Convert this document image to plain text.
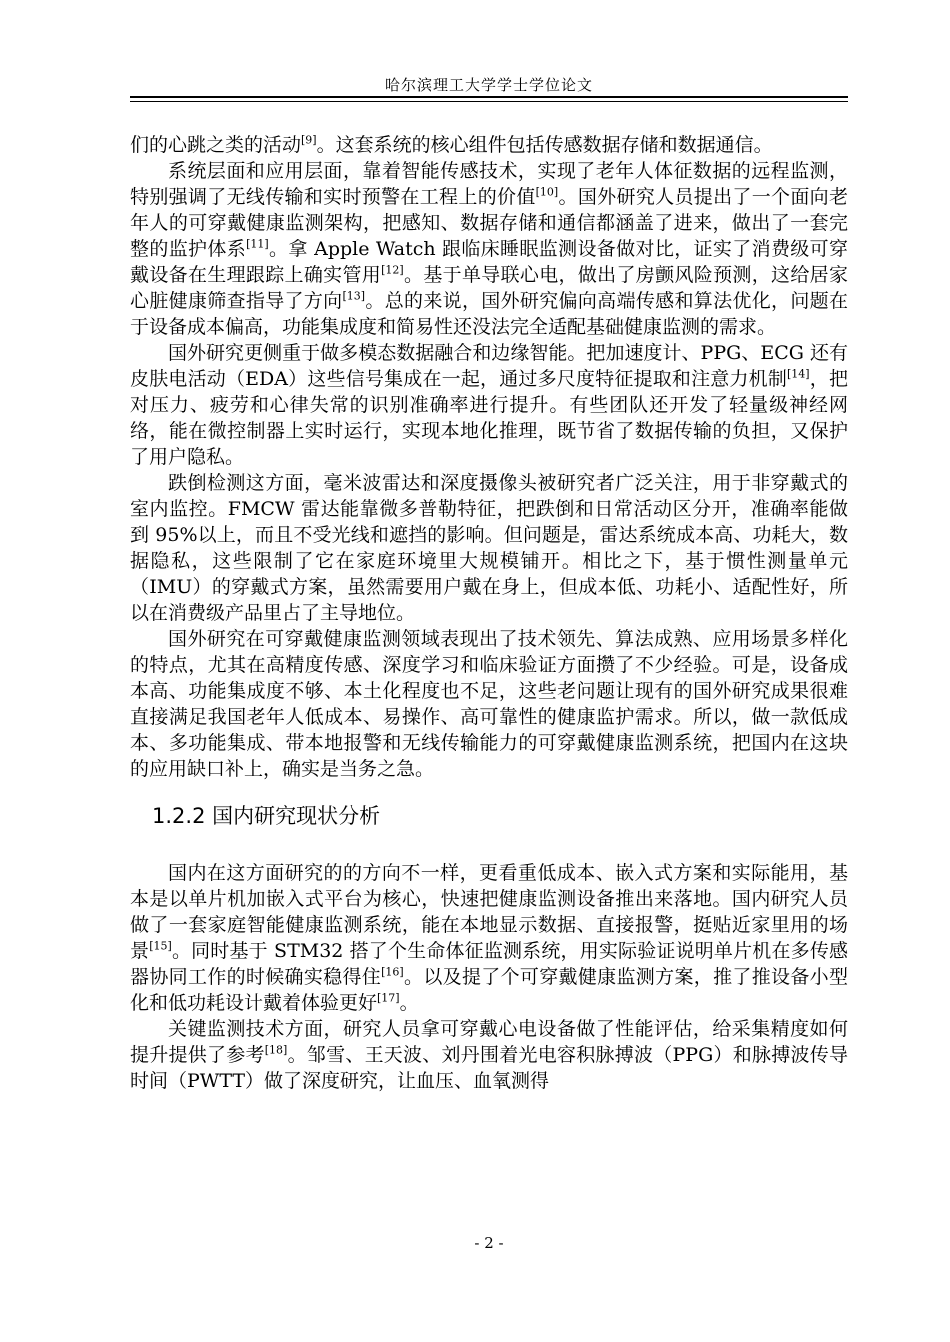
哈尔滨理工大学学士学位论文

们的心跳之类的活动[9]。这套系统的核心组件包括传感数据存储和数据通信。

系统层面和应用层面，靠着智能传感技术，实现了老年人体征数据的远程监测，特别强调了无线传输和实时预警在工程上的价值[10]。国外研究人员提出了一个面向老年人的可穿戴健康监测架构，把感知、数据存储和通信都涵盖了进来，做出了一套完整的监护体系[11]。拿 Apple Watch 跟临床睡眠监测设备做对比，证实了消费级可穿戴设备在生理跟踪上确实管用[12]。基于单导联心电，做出了房颤风险预测，这给居家心脏健康筛查指导了方向[13]。总的来说，国外研究偏向高端传感和算法优化，问题在于设备成本偏高，功能集成度和简易性还没法完全适配基础健康监测的需求。

国外研究更侧重于做多模态数据融合和边缘智能。把加速度计、PPG、ECG 还有皮肤电活动（EDA）这些信号集成在一起，通过多尺度特征提取和注意力机制[14]，把对压力、疲劳和心律失常的识别准确率进行提升。有些团队还开发了轻量级神经网络，能在微控制器上实时运行，实现本地化推理，既节省了数据传输的负担，又保护了用户隐私。

跌倒检测这方面，毫米波雷达和深度摄像头被研究者广泛关注，用于非穿戴式的室内监控。FMCW 雷达能靠微多普勒特征，把跌倒和日常活动区分开，准确率能做到 95%以上，而且不受光线和遮挡的影响。但问题是，雷达系统成本高、功耗大，数据隐私，这些限制了它在家庭环境里大规模铺开。相比之下，基于惯性测量单元（IMU）的穿戴式方案，虽然需要用户戴在身上，但成本低、功耗小、适配性好，所以在消费级产品里占了主导地位。

国外研究在可穿戴健康监测领域表现出了技术领先、算法成熟、应用场景多样化的特点，尤其在高精度传感、深度学习和临床验证方面攒了不少经验。可是，设备成本高、功能集成度不够、本土化程度也不足，这些老问题让现有的国外研究成果很难直接满足我国老年人低成本、易操作、高可靠性的健康监护需求。所以，做一款低成本、多功能集成、带本地报警和无线传输能力的可穿戴健康监测系统，把国内在这块的应用缺口补上，确实是当务之急。

1.2.2 国内研究现状分析

国内在这方面研究的的方向不一样，更看重低成本、嵌入式方案和实际能用，基本是以单片机加嵌入式平台为核心，快速把健康监测设备推出来落地。国内研究人员做了一套家庭智能健康监测系统，能在本地显示数据、直接报警，挺贴近家里用的场景[15]。同时基于 STM32 搭了个生命体征监测系统，用实际验证说明单片机在多传感器协同工作的时候确实稳得住[16]。以及提了个可穿戴健康监测方案，推了推设备小型化和低功耗设计戴着体验更好[17]。

关键监测技术方面，研究人员拿可穿戴心电设备做了性能评估，给采集精度如何提升提供了参考[18]。邹雪、王天波、刘丹围着光电容积脉搏波（PPG）和脉搏波传导时间（PWTT）做了深度研究，让血压、血氧测得

- 2 -
